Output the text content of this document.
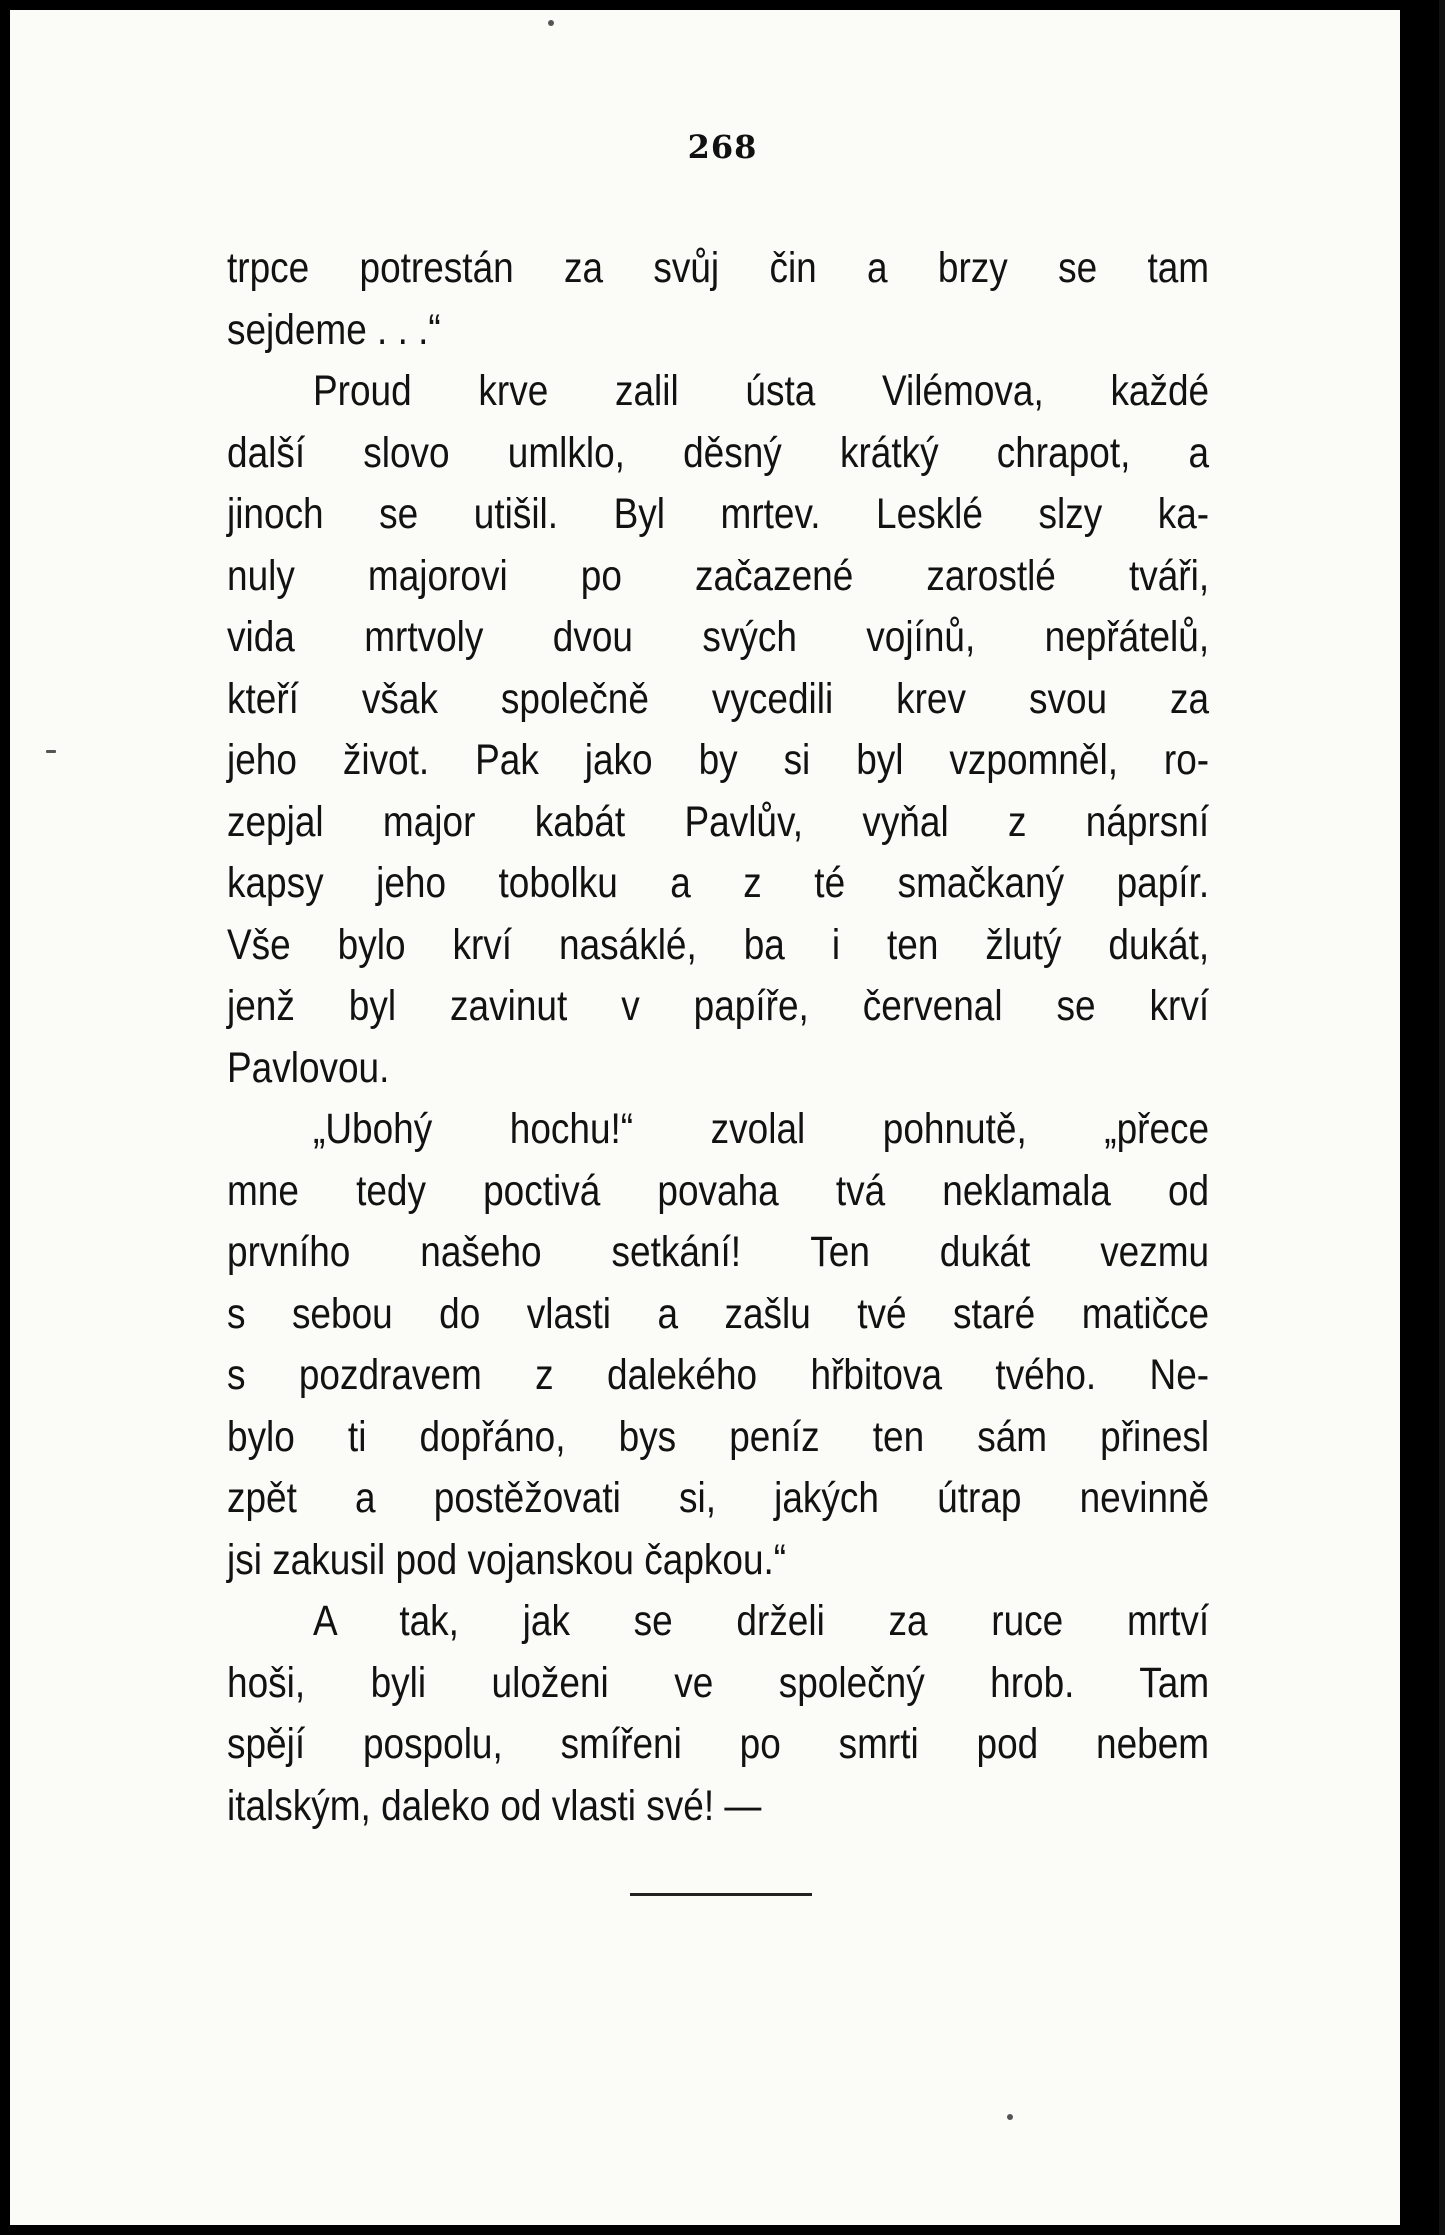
268
trpce potrestán za svůj čin a brzy se tam
sejdeme . . .“
Proud krve zalil ústa Vilémova, každé
další slovo umlklo, děsný krátký chrapot, a
jinoch se utišil. Byl mrtev. Lesklé slzy ka-
nuly majorovi po začazené zarostlé tváři,
vida mrtvoly dvou svých vojínů, nepřátelů,
kteří však společně vycedili krev svou za
jeho život. Pak jako by si byl vzpomněl, ro-
zepjal major kabát Pavlův, vyňal z náprsní
kapsy jeho tobolku a z té smačkaný papír.
Vše bylo krví nasáklé, ba i ten žlutý dukát,
jenž byl zavinut v papíře, červenal se krví
Pavlovou.
„Ubohý hochu!“ zvolal pohnutě, „přece
mne tedy poctivá povaha tvá neklamala od
prvního našeho setkání! Ten dukát vezmu
s sebou do vlasti a zašlu tvé staré matičce
s pozdravem z dalekého hřbitova tvého. Ne-
bylo ti dopřáno, bys peníz ten sám přinesl
zpět a postěžovati si, jakých útrap nevinně
jsi zakusil pod vojanskou čapkou.“
A tak, jak se drželi za ruce mrtví
hoši, byli uloženi ve společný hrob. Tam
spějí pospolu, smířeni po smrti pod nebem
italským, daleko od vlasti své! —
